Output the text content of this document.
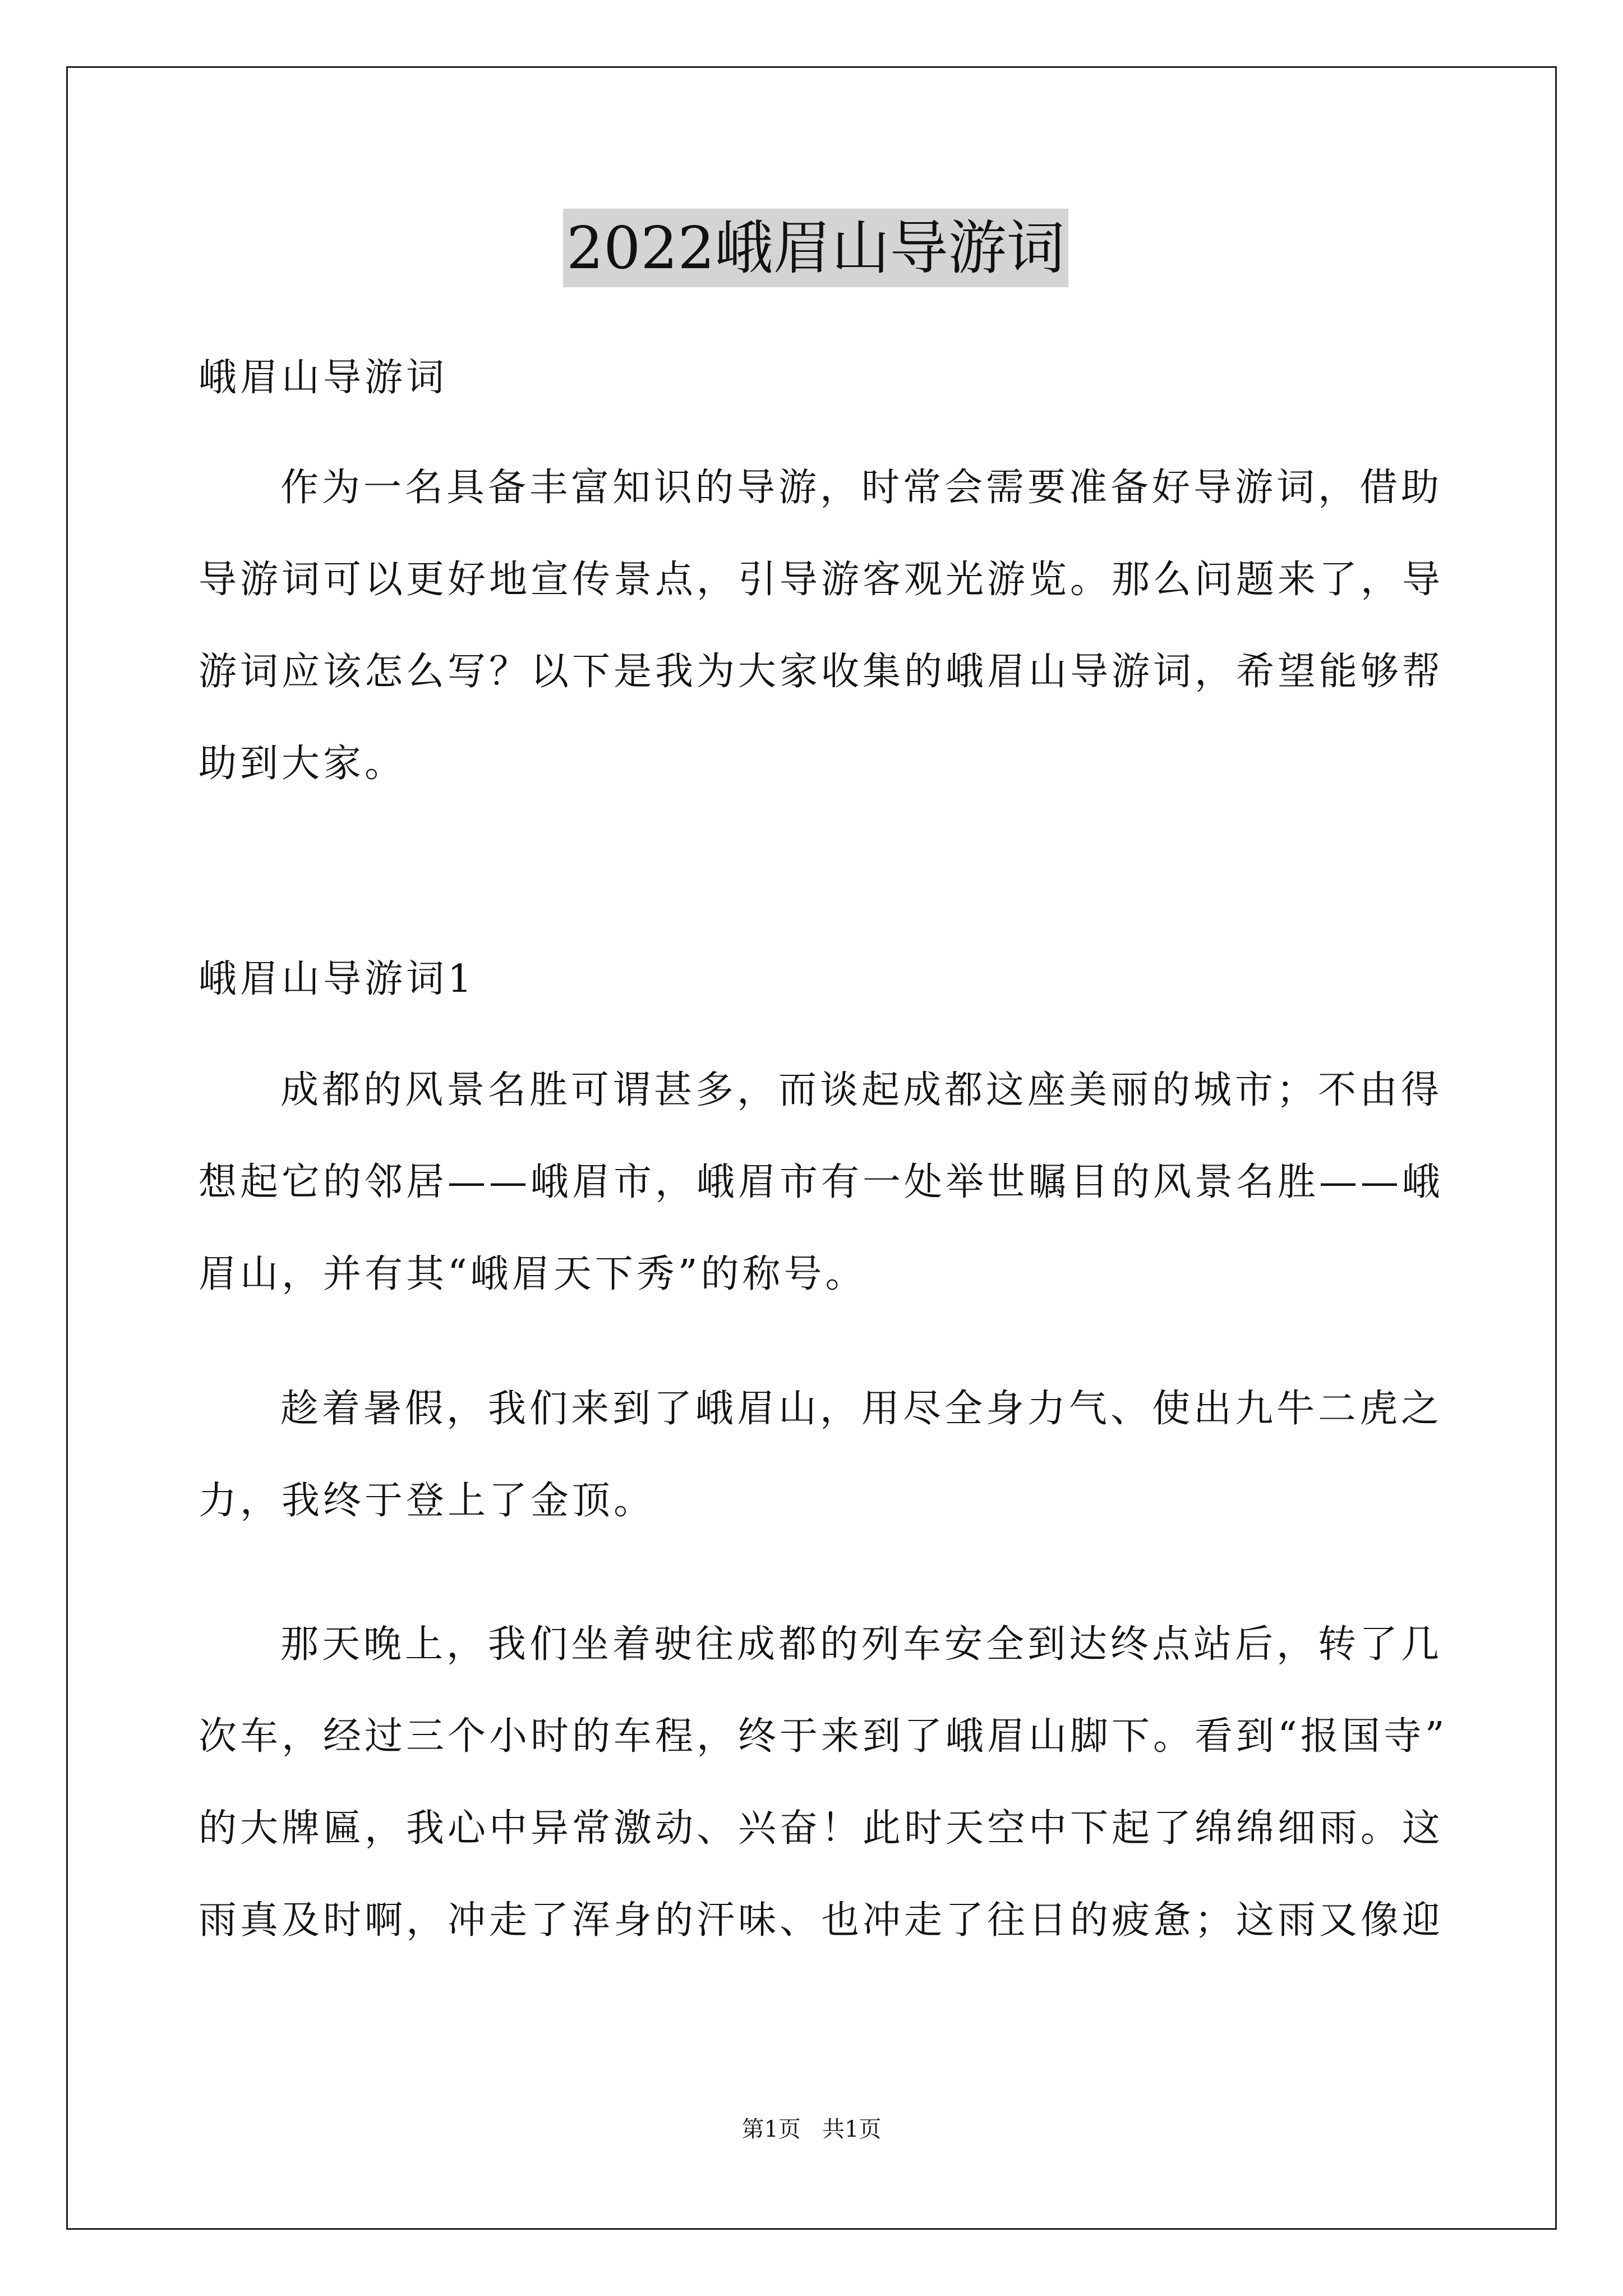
2022峨眉山导游词
峨眉山导游词
作为一名具备丰富知识的导游，时常会需要准备好导游词，借助
导游词可以更好地宣传景点，引导游客观光游览。那么问题来了，导
游词应该怎么写？以下是我为大家收集的峨眉山导游词，希望能够帮
助到大家。
峨眉山导游词1
成都的风景名胜可谓甚多，而谈起成都这座美丽的城市；不由得
想起它的邻居——峨眉市，峨眉市有一处举世瞩目的风景名胜——峨
眉山，并有其“峨眉天下秀”的称号。
趁着暑假，我们来到了峨眉山，用尽全身力气、使出九牛二虎之
力，我终于登上了金顶。
那天晚上，我们坐着驶往成都的列车安全到达终点站后，转了几
次车，经过三个小时的车程，终于来到了峨眉山脚下。看到“报国寺”
的大牌匾，我心中异常激动、兴奋！此时天空中下起了绵绵细雨。这
雨真及时啊，冲走了浑身的汗味、也冲走了往日的疲惫；这雨又像迎
第1页   共1页
